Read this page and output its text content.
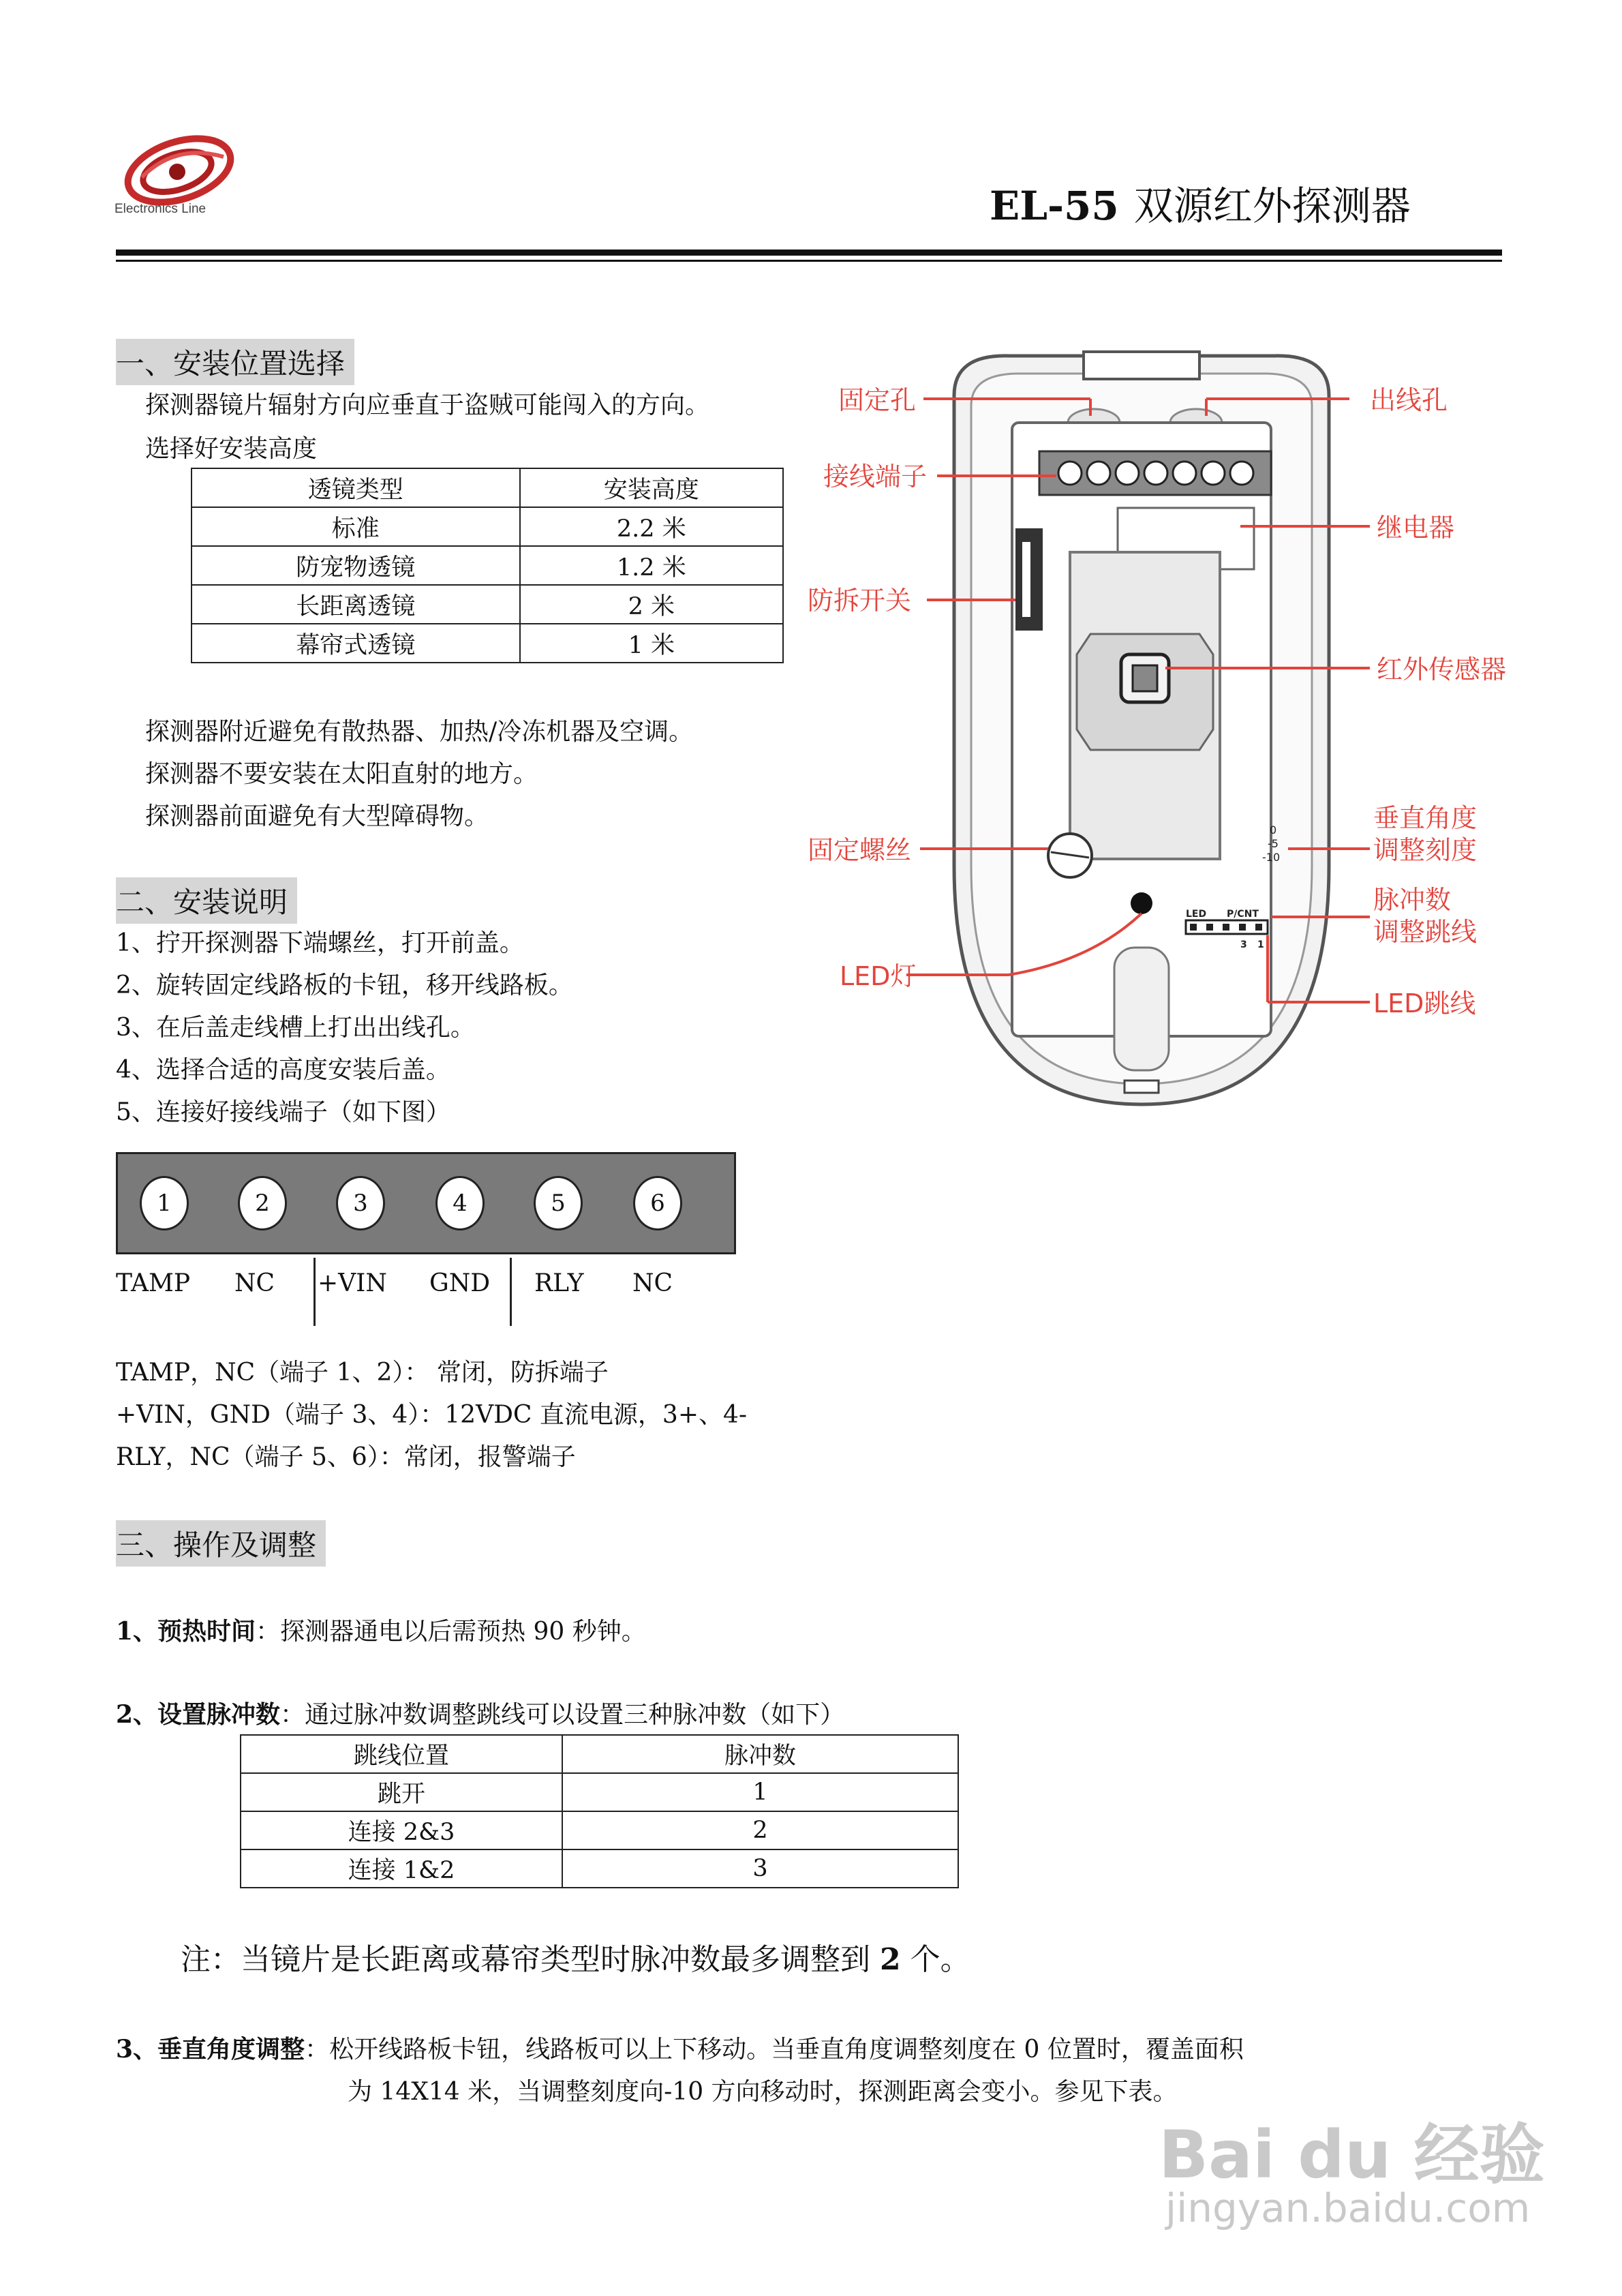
Electronics Line	EL-55 双源红外探测器
一、安装位置选择
探测器镜片辐射方向应垂直于盗贼可能闯入的方向。
选择好安装高度
透镜类型	安装高度
标准	2.2 米
防宠物透镜	1.2 米
长距离透镜	2 米
幕帘式透镜	1 米
探测器附近避免有散热器、加热/冷冻机器及空调。
探测器不要安装在太阳直射的地方。
探测器前面避免有大型障碍物。	0
-5
-10
LED P/CNT
3 1
固定孔	出线孔
接线端子
继电器
防拆开关
红外传感器
垂直角度
调整刻度
固定螺丝
脉冲数
调整跳线
LED灯
LED跳线
二、安装说明
1、拧开探测器下端螺丝，打开前盖。
2、旋转固定线路板的卡钮，移开线路板。
3、在后盖走线槽上打出出线孔。
4、选择合适的高度安装后盖。
5、连接好接线端子（如下图）
1	2	3	4	5	6
TAMP NC +VIN GND RLY NC
TAMP，NC（端子 1、2）： 常闭，防拆端子
+VIN，GND（端子 3、4）：12VDC 直流电源，3+、4-
RLY，NC（端子 5、6）：常闭，报警端子
三、操作及调整
1、预热时间：探测器通电以后需预热 90 秒钟。
2、设置脉冲数：通过脉冲数调整跳线可以设置三种脉冲数（如下）
跳线位置	脉冲数
跳开	1
连接 2&3	2
连接 1&2	3
注：当镜片是长距离或幕帘类型时脉冲数最多调整到 2 个。
3、垂直角度调整：松开线路板卡钮，线路板可以上下移动。当垂直角度调整刻度在 0 位置时，覆盖面积
为 14X14 米，当调整刻度向-10 方向移动时，探测距离会变小。参见下表。
Bai du 经验
jingyan.baidu.com
